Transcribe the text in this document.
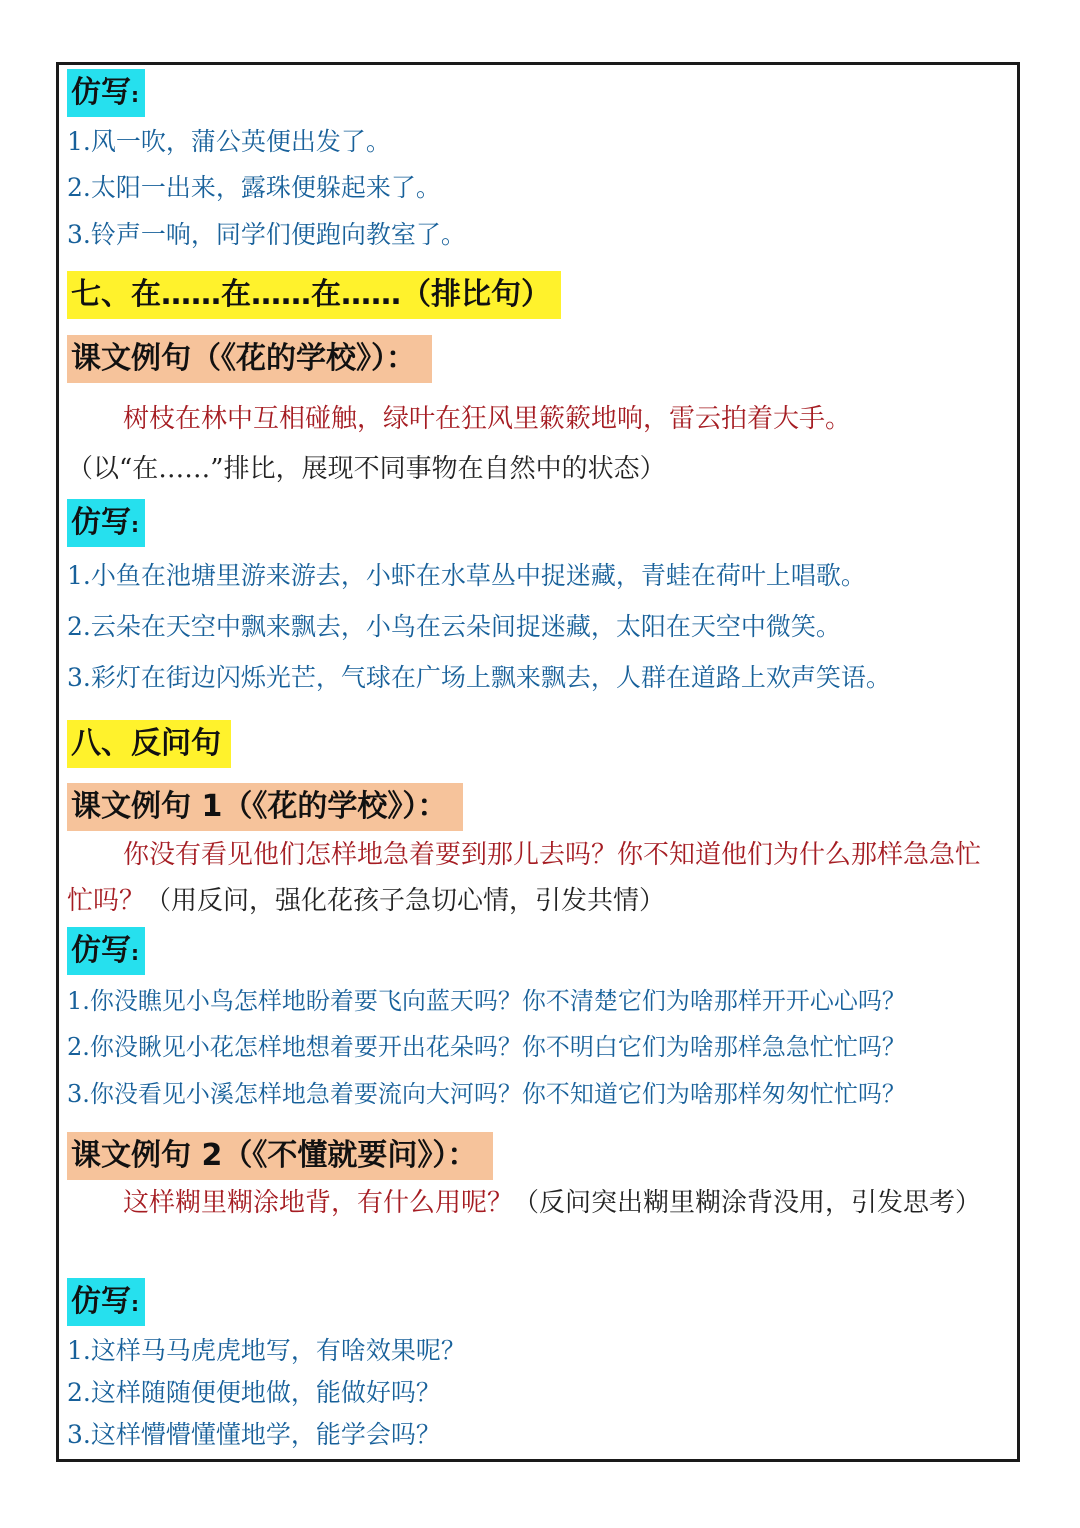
仿写:
1.风一吹，蒲公英便出发了。
2.太阳一出来，露珠便躲起来了。
3.铃声一响，同学们便跑向教室了。
七、在……在……在……（排比句）
课文例句（《花的学校》）：
树枝在林中互相碰触，绿叶在狂风里簌簌地响，雷云拍着大手。（以“在……”排比，展现不同事物在自然中的状态）
仿写:
1.小鱼在池塘里游来游去，小虾在水草丛中捉迷藏，青蛙在荷叶上唱歌。
2.云朵在天空中飘来飘去，小鸟在云朵间捉迷藏，太阳在天空中微笑。
3.彩灯在街边闪烁光芒，气球在广场上飘来飘去，人群在道路上欢声笑语。
八、反问句
课文例句 1（《花的学校》）：
你没有看见他们怎样地急着要到那儿去吗？你不知道他们为什么那样急急忙忙吗？（用反问，强化花孩子急切心情，引发共情）
仿写:
1.你没瞧见小鸟怎样地盼着要飞向蓝天吗？你不清楚它们为啥那样开开心心吗？
2.你没瞅见小花怎样地想着要开出花朵吗？你不明白它们为啥那样急急忙忙吗？
3.你没看见小溪怎样地急着要流向大河吗？你不知道它们为啥那样匆匆忙忙吗？
课文例句 2（《不懂就要问》）：
这样糊里糊涂地背，有什么用呢？（反问突出糊里糊涂背没用，引发思考）
仿写:
1.这样马马虎虎地写，有啥效果呢？
2.这样随随便便地做，能做好吗？
3.这样懵懵懂懂地学，能学会吗？
